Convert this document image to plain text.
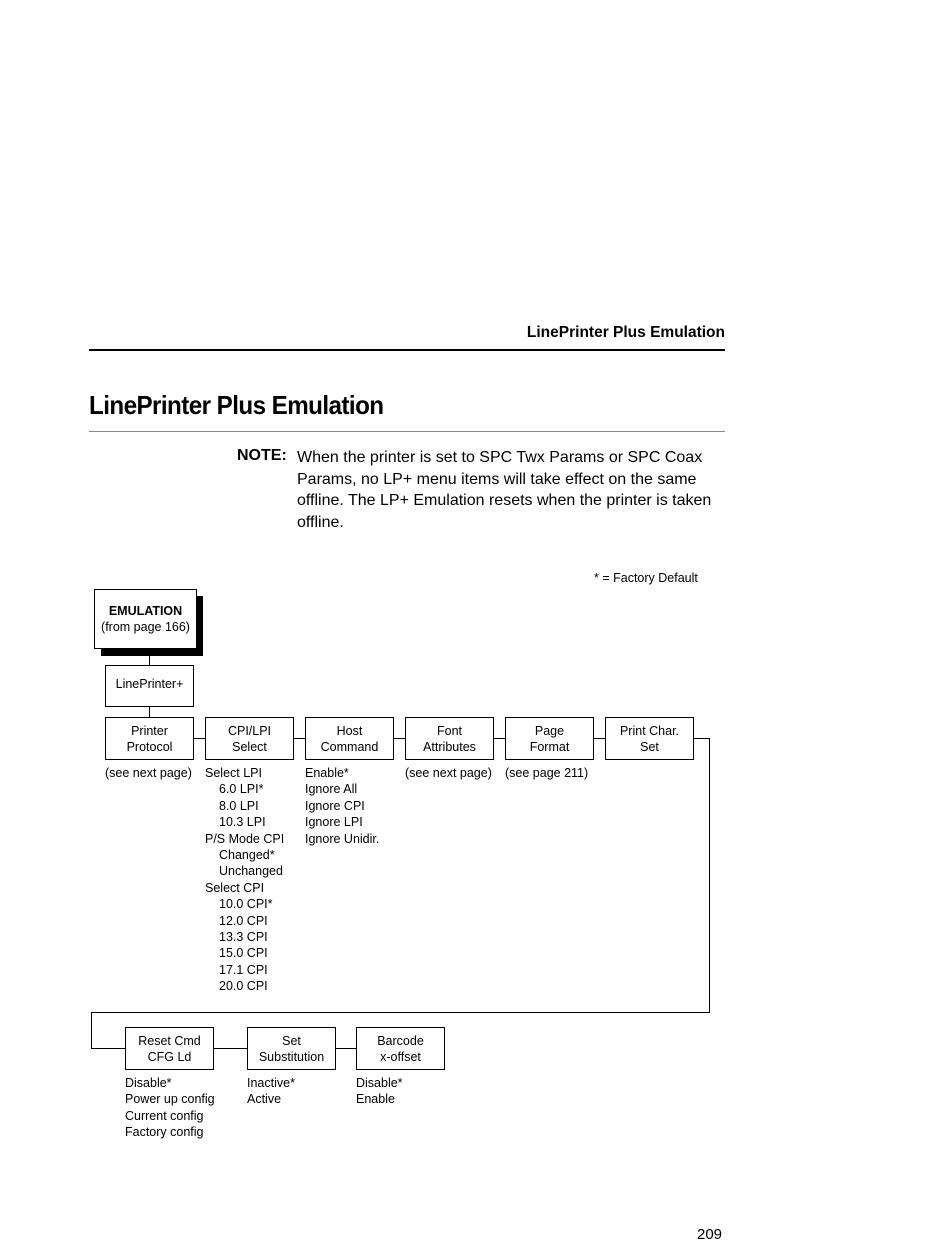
LinePrinter Plus Emulation
LinePrinter Plus Emulation
NOTE: When the printer is set to SPC Twx Params or SPC Coax Params, no LP+ menu items will take effect on the same offline. The LP+ Emulation resets when the printer is taken offline.
* = Factory Default
EMULATION
(from page 166)
LinePrinter+
Printer
Protocol
CPI/LPI
Select
Host
Command
Font
Attributes
Page
Format
Print Char.
Set
Reset Cmd
CFG Ld
Set
Substitution
Barcode
x-offset
(see next page) Select LPI
6.0 LPI*
8.0 LPI
10.3 LPI
P/S Mode CPI
Changed*
Unchanged
Select CPI
10.0 CPI*
12.0 CPI
13.3 CPI
15.0 CPI
17.1 CPI
20.0 CPI
Enable*
Ignore All
Ignore CPI
Ignore LPI
Ignore Unidir.
(see next page) (see page 211)
Disable*
Power up config
Current config
Factory config
Inactive*
Active
Disable*
Enable
209
